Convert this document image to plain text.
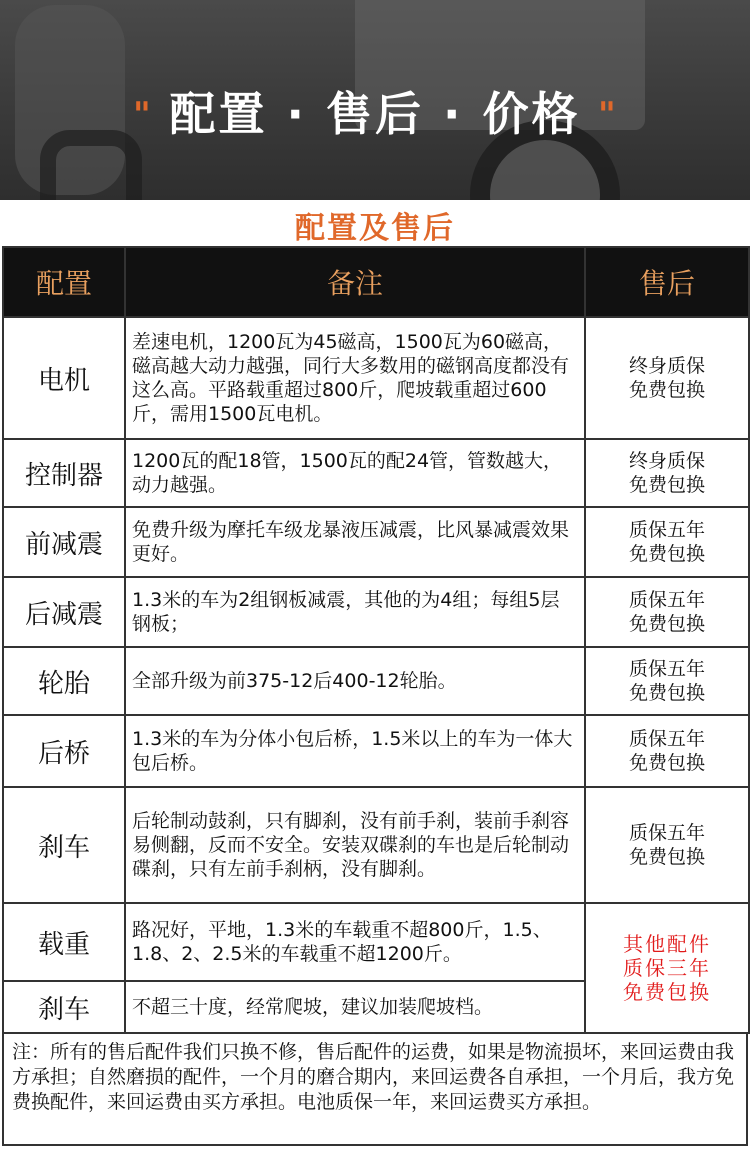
"	"
配置 · 售后 · 价格
配置及售后
配置	备注	售后
电机	差速电机，1200瓦为45磁高，1500瓦为60磁高，磁高越大动力越强，同行大多数用的磁钢高度都没有这么高。平路载重超过800斤，爬坡载重超过600斤，需用1500瓦电机。	终身质保
免费包换

控制器	1200瓦的配18管，1500瓦的配24管，管数越大，动力越强。	终身质保
免费包换

前减震	免费升级为摩托车级龙暴液压减震，比风暴减震效果更好。	质保五年
免费包换

后减震	1.3米的车为2组钢板减震，其他的为4组；每组5层钢板；	质保五年
免费包换

轮胎	全部升级为前375-12后400-12轮胎。	质保五年
免费包换

后桥	1.3米的车为分体小包后桥，1.5米以上的车为一体大包后桥。	质保五年
免费包换

刹车	后轮制动鼓刹，只有脚刹，没有前手刹，装前手刹容易侧翻，反而不安全。安装双碟刹的车也是后轮制动碟刹，只有左前手刹柄，没有脚刹。	质保五年
免费包换

载重	路况好，平地，1.3米的车载重不超800斤，1.5、1.8、2、2.5米的车载重不超1200斤。	其他配件
质保三年
免费包换

刹车	不超三十度，经常爬坡，建议加装爬坡档。	
注：所有的售后配件我们只换不修，售后配件的运费，如果是物流损坏，来回运费由我方承担；自然磨损的配件，一个月的磨合期内，来回运费各自承担，一个月后，我方免费换配件，来回运费由买方承担。电池质保一年，来回运费买方承担。
